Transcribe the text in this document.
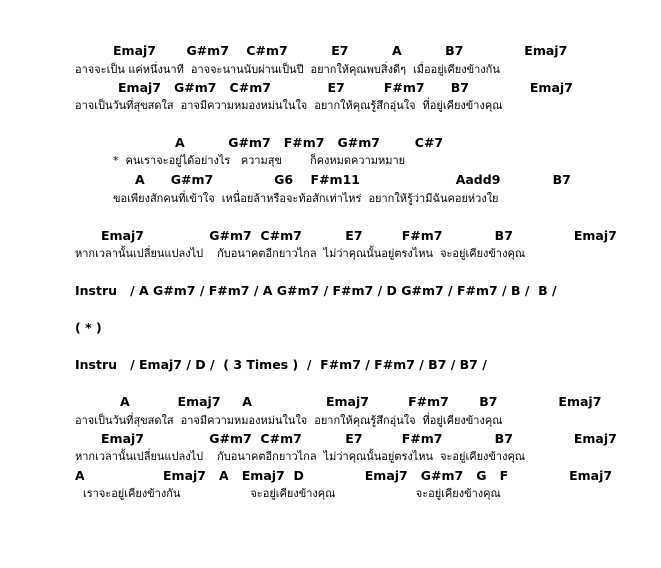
Emaj7       G#m7    C#m7          E7          A          B7              Emaj7
อาจจะเป็น แค่หนึ่งนาที  อาจจะนานนับผ่านเป็นปี  อยากให้คุณพบสิ่งดีๆ  เมื่ออยู่เคียงข้างกัน
Emaj7   G#m7   C#m7             E7         F#m7      B7              Emaj7
อาจเป็นวันที่สุขสดใส  อาจมีความหมองหม่นในใจ  อยากให้คุณรู้สึกอุ่นใจ  ที่อยู่เคียงข้างคุณ
A          G#m7   F#m7   G#m7        C#7
*  คนเราจะอยู่ได้อย่างไร   ความสุข        ก็คงหมดความหมาย
A      G#m7              G6    F#m11                      Aadd9            B7
ขอเพียงสักคนที่เข้าใจ  เหนื่อยล้าหรือจะท้อสักเท่าไหร่  อยากให้รู้ว่ามีฉันคอยห่วงใย
Emaj7               G#m7  C#m7          E7         F#m7            B7              Emaj7
หากเวลานั้นเปลี่ยนแปลงไป    กับอนาคตอีกยาวไกล  ไม่ว่าคุณนั้นอยู่ตรงไหน  จะอยู่เคียงข้างคุณ
Instru   / A G#m7 / F#m7 / A G#m7 / F#m7 / D G#m7 / F#m7 / B /  B /
( * )
Instru   / Emaj7 / D /  ( 3 Times )  /  F#m7 / F#m7 / B7 / B7 /
A           Emaj7     A                 Emaj7         F#m7       B7              Emaj7
อาจเป็นวันที่สุขสดใส  อาจมีความหมองหม่นในใจ  อยากให้คุณรู้สึกอุ่นใจ  ที่อยู่เคียงข้างคุณ
Emaj7               G#m7  C#m7          E7         F#m7            B7              Emaj7
หากเวลานั้นเปลี่ยนแปลงไป    กับอนาคตอีกยาวไกล  ไม่ว่าคุณนั้นอยู่ตรงไหน  จะอยู่เคียงข้างคุณ
A                  Emaj7   A   Emaj7  D              Emaj7   G#m7   G   F              Emaj7
เราจะอยู่เคียงข้างกัน                    จะอยู่เคียงข้างคุณ                       จะอยู่เคียงข้างคุณ
